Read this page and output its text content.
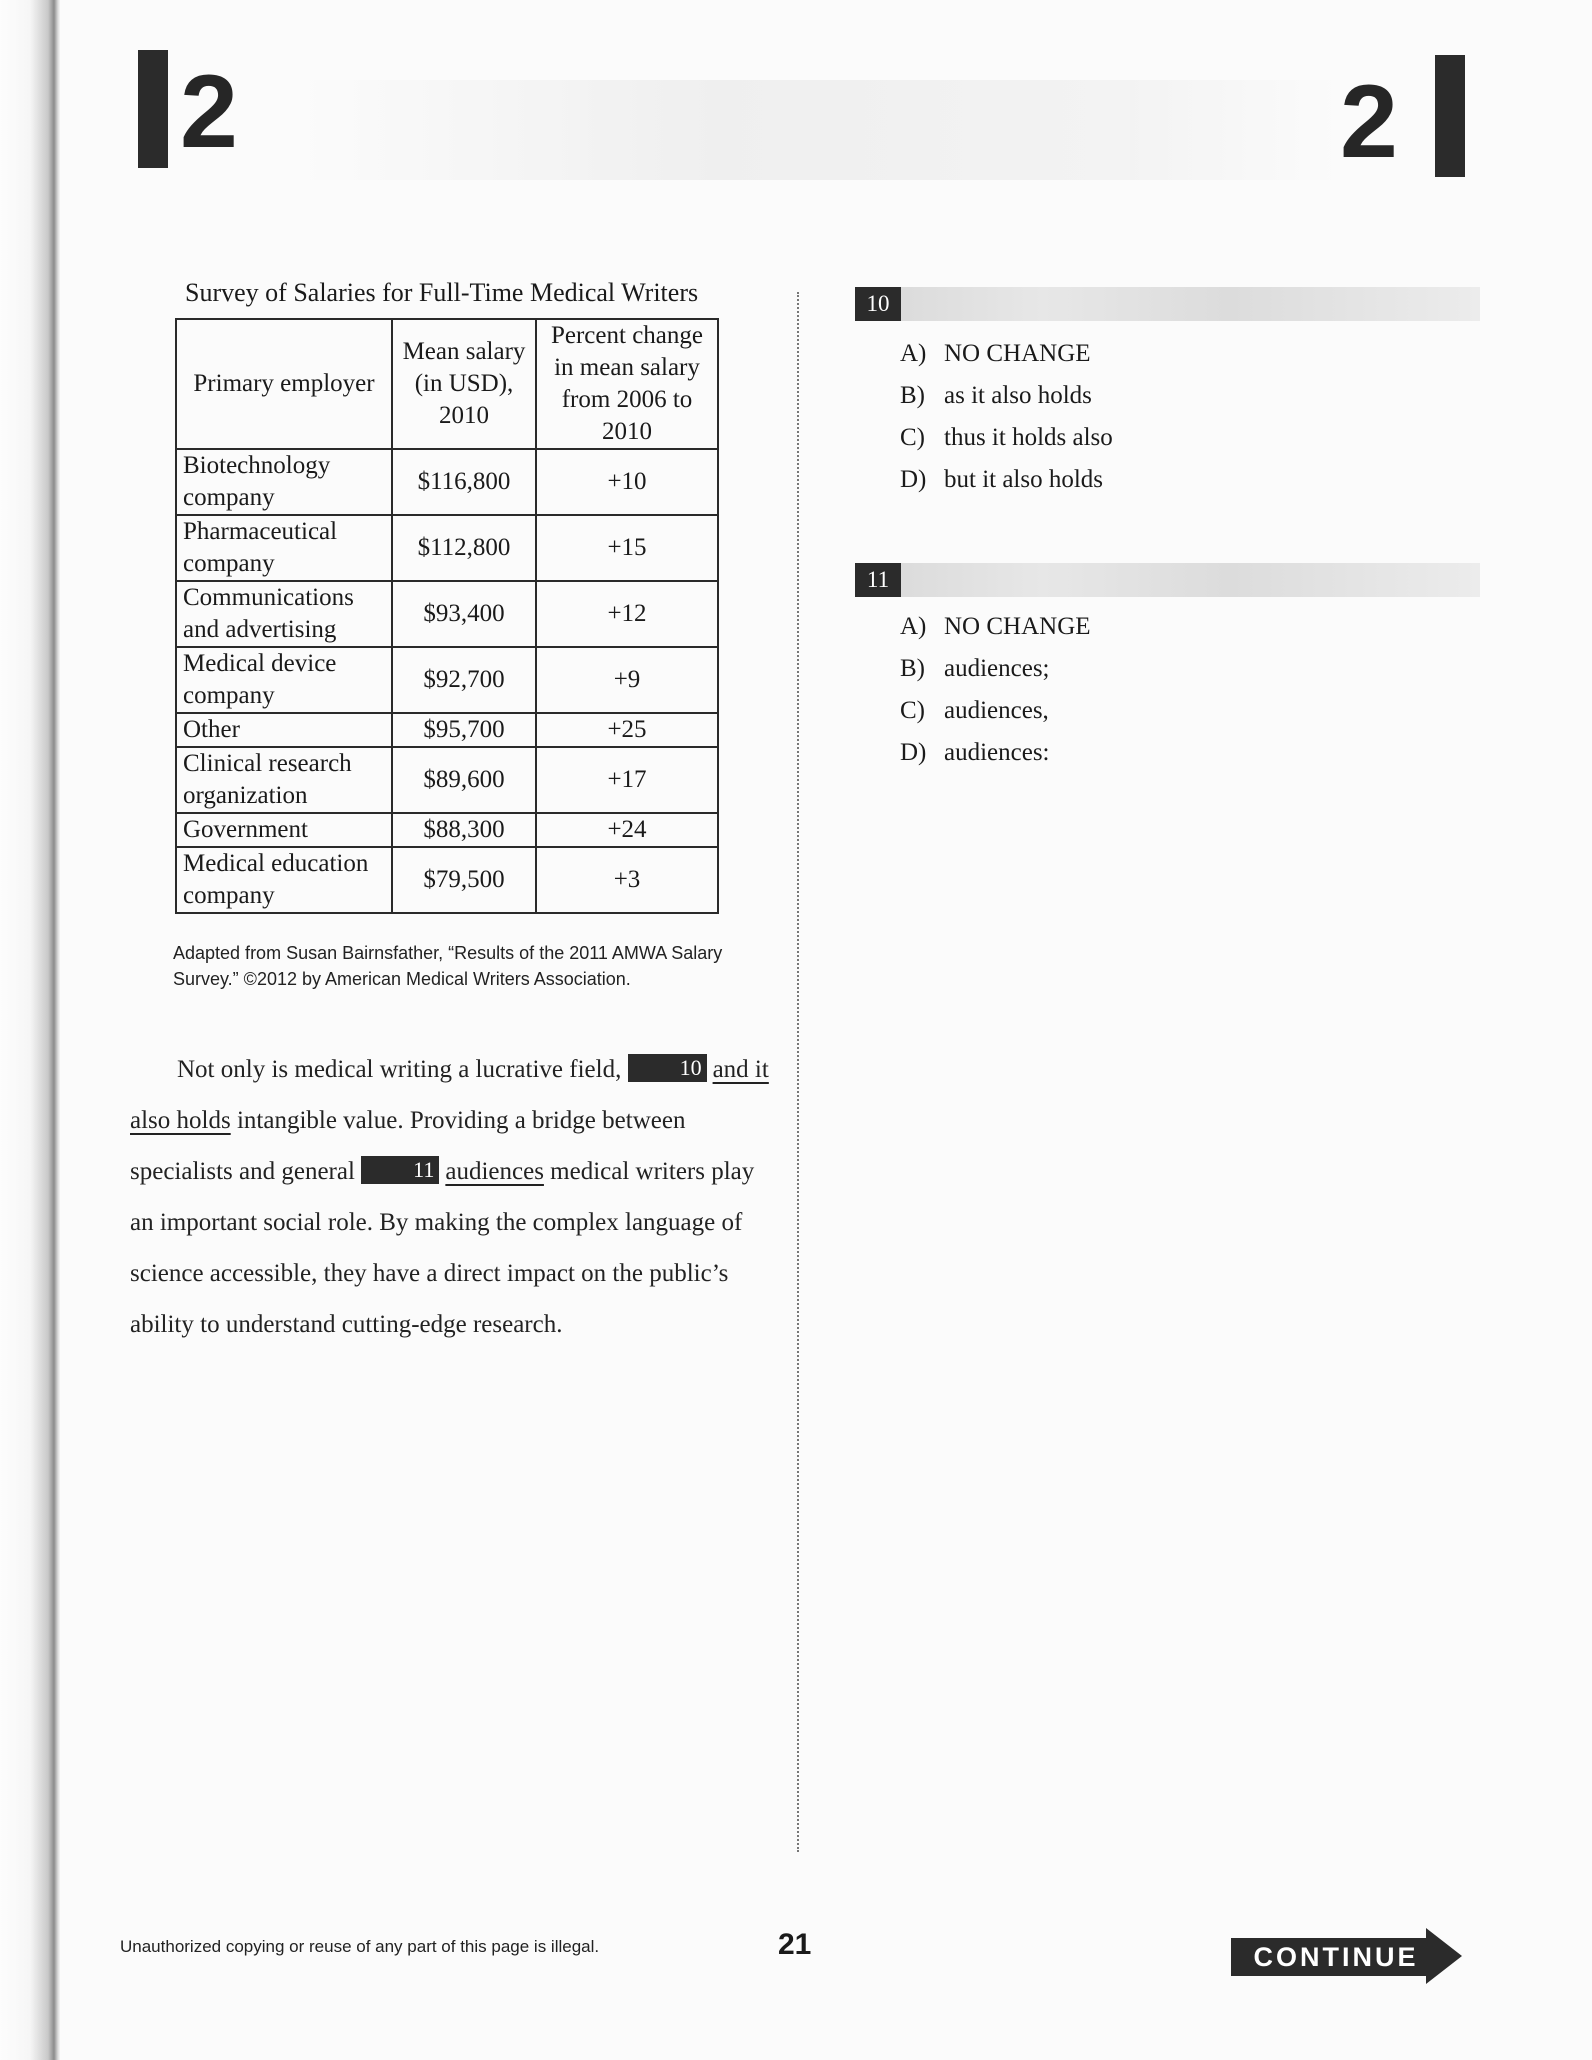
2	2
Survey of Salaries for Full-Time Medical Writers
Primary employer	Mean salary (in USD), 2010	Percent change in mean salary from 2006 to 2010
Biotechnology company	$116,800	+10
Pharmaceutical company	$112,800	+15
Communications and advertising	$93,400	+12
Medical device company	$92,700	+9
Other	$95,700	+25
Clinical research organization	$89,600	+17
Government	$88,300	+24
Medical education company	$79,500	+3
Adapted from Susan Bairnsfather, “Results of the 2011 AMWA Salary Survey.” ©2012 by American Medical Writers Association.

Not only is medical writing a lucrative field, 10 and it also holds intangible value. Providing a bridge between specialists and general 11 audiences medical writers play an important social role. By making the complex language of science accessible, they have a direct impact on the public’s ability to understand cutting-edge research.

10
A) NO CHANGE
B) as it also holds
C) thus it holds also
D) but it also holds
11
A) NO CHANGE
B) audiences;
C) audiences,
D) audiences:
Unauthorized copying or reuse of any part of this page is illegal.	21	CONTINUE
